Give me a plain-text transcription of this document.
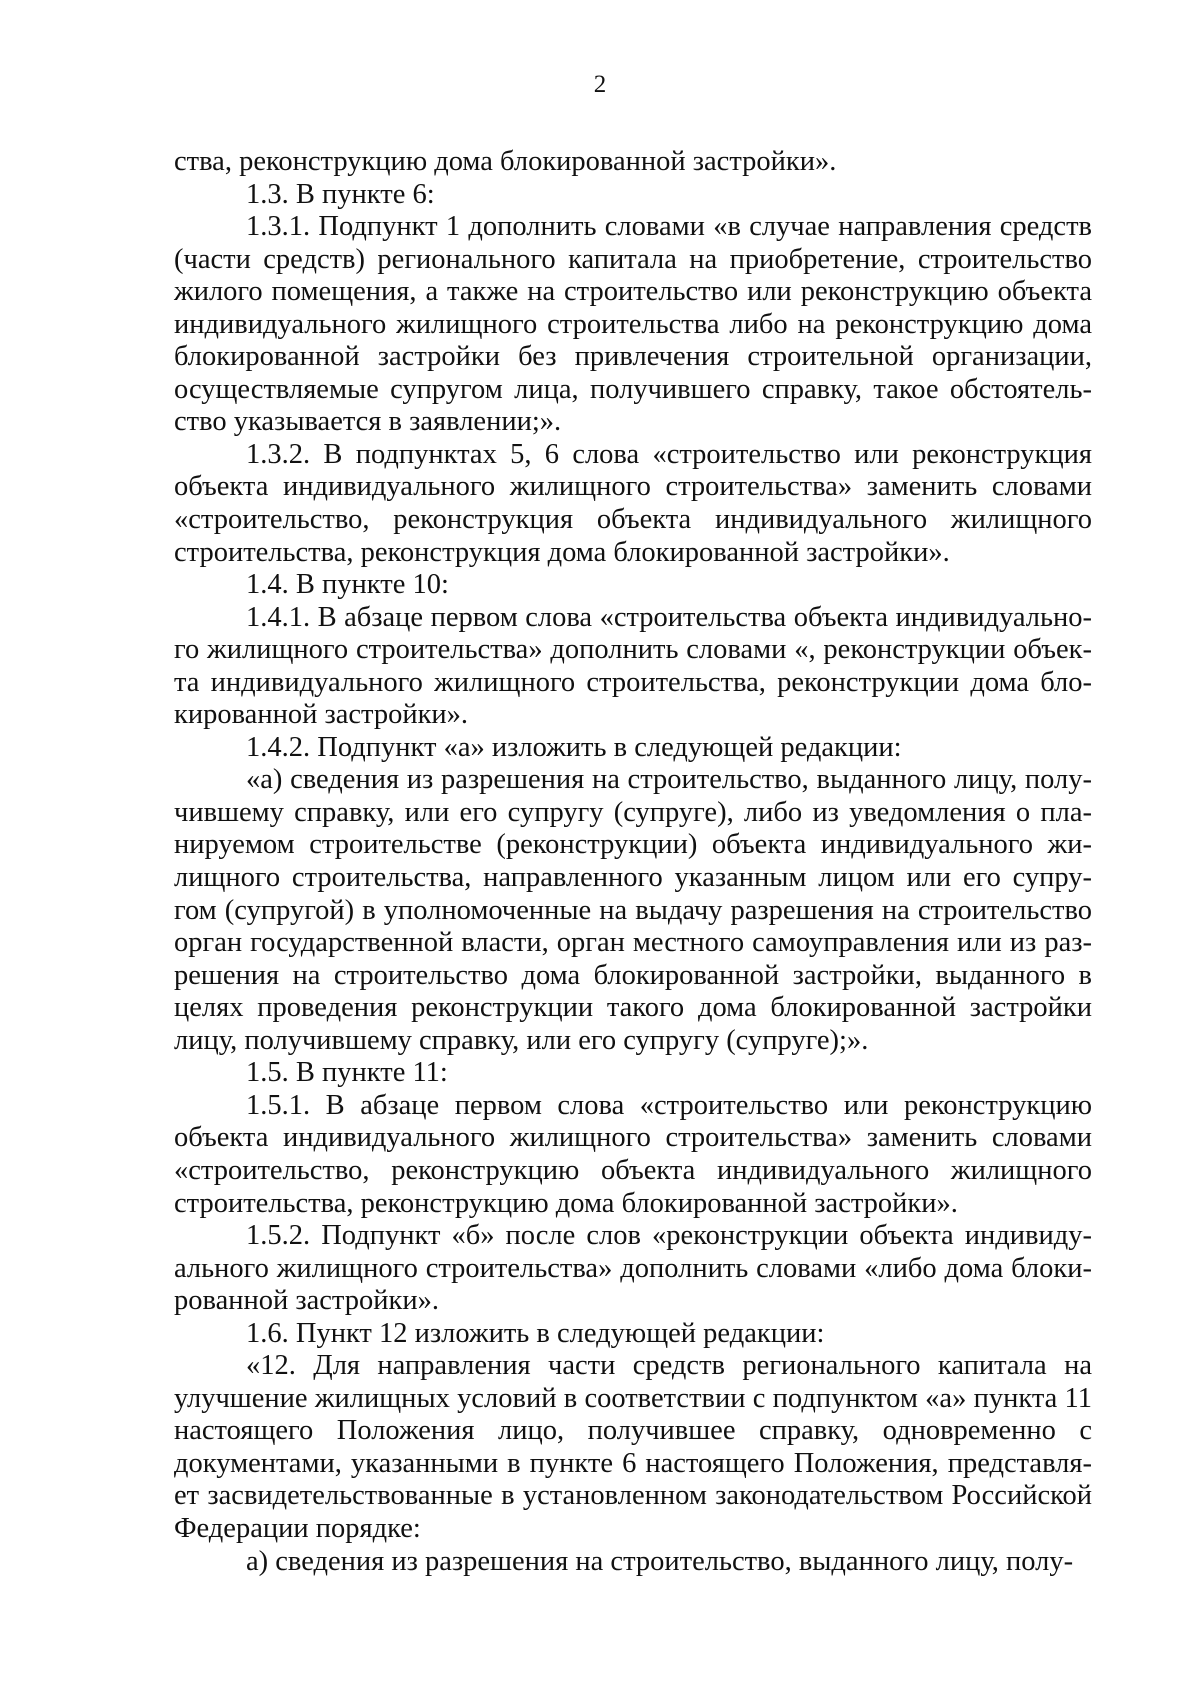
2

ства, реконструкцию дома блокированной застройки».

1.3. В пункте 6:

1.3.1. Подпункт 1 дополнить словами «в случае направления средств (части средств) регионального капитала на приобретение, строительство жилого помещения, а также на строительство или реконструкцию объекта индивидуального жилищного строительства либо на реконструкцию дома блокированной застройки без привлечения строительной организации, осуществляемые супругом лица, получившего справку, такое обстоятельство указывается в заявлении;».

1.3.2. В подпунктах 5, 6 слова «строительство или реконструкция объекта индивидуального жилищного строительства» заменить словами «строительство, реконструкция объекта индивидуального жилищного строительства, реконструкция дома блокированной застройки».

1.4. В пункте 10:

1.4.1. В абзаце первом слова «строительства объекта индивидуального жилищного строительства» дополнить словами «, реконструкции объекта индивидуального жилищного строительства, реконструкции дома блокированной застройки».

1.4.2. Подпункт «а» изложить в следующей редакции:

«а) сведения из разрешения на строительство, выданного лицу, получившему справку, или его супругу (супруге), либо из уведомления о планируемом строительстве (реконструкции) объекта индивидуального жилищного строительства, направленного указанным лицом или его супругом (супругой) в уполномоченные на выдачу разрешения на строительство орган государственной власти, орган местного самоуправления или из разрешения на строительство дома блокированной застройки, выданного в целях проведения реконструкции такого дома блокированной застройки лицу, получившему справку, или его супругу (супруге);».

1.5. В пункте 11:

1.5.1. В абзаце первом слова «строительство или реконструкцию объекта индивидуального жилищного строительства» заменить словами «строительство, реконструкцию объекта индивидуального жилищного строительства, реконструкцию дома блокированной застройки».

1.5.2. Подпункт «б» после слов «реконструкции объекта индивидуального жилищного строительства» дополнить словами «либо дома блокированной застройки».

1.6. Пункт 12 изложить в следующей редакции:

«12. Для направления части средств регионального капитала на улучшение жилищных условий в соответствии с подпунктом «а» пункта 11 настоящего Положения лицо, получившее справку, одновременно с документами, указанными в пункте 6 настоящего Положения, представляет засвидетельствованные в установленном законодательством Российской Федерации порядке:

а) сведения из разрешения на строительство, выданного лицу, полу-
